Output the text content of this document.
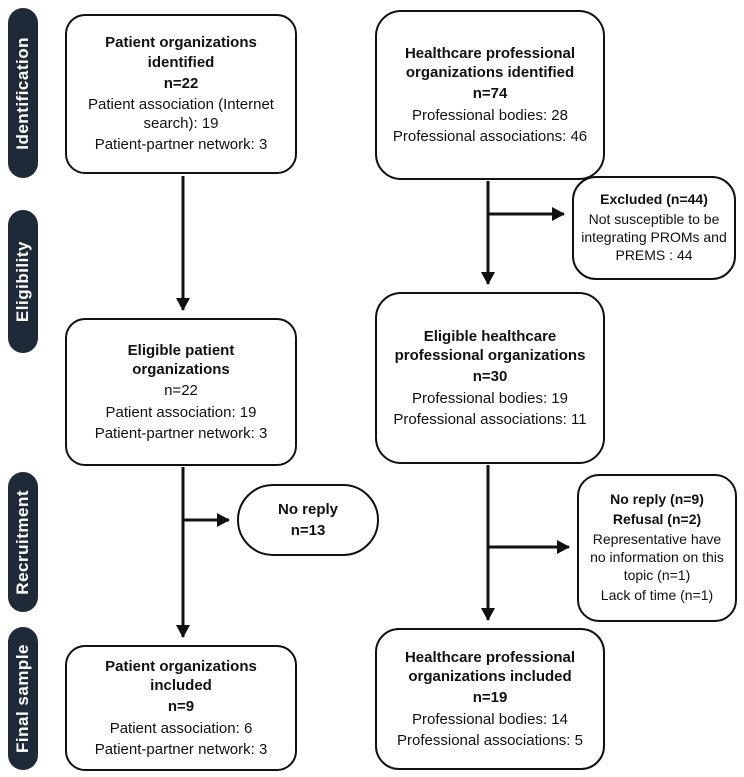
Identification
Eligibility
Recruitment
Final sample
Patient organizations identified
n=22
Patient association (Internet search): 19
Patient-partner network: 3
Eligible patient organizations
n=22
Patient association: 19
Patient-partner network: 3
No reply
n=13
Patient organizations included
n=9
Patient association: 6
Patient-partner network: 3
Healthcare professional organizations identified
n=74
Professional bodies: 28
Professional associations: 46
Excluded (n=44)
Not susceptible to be integrating PROMs and PREMS : 44
Eligible healthcare professional organizations
n=30
Professional bodies: 19
Professional associations: 11
No reply (n=9)
Refusal (n=2)
Representative have no information on this topic (n=1)
Lack of time (n=1)
Healthcare professional organizations included
n=19
Professional bodies: 14
Professional associations: 5
